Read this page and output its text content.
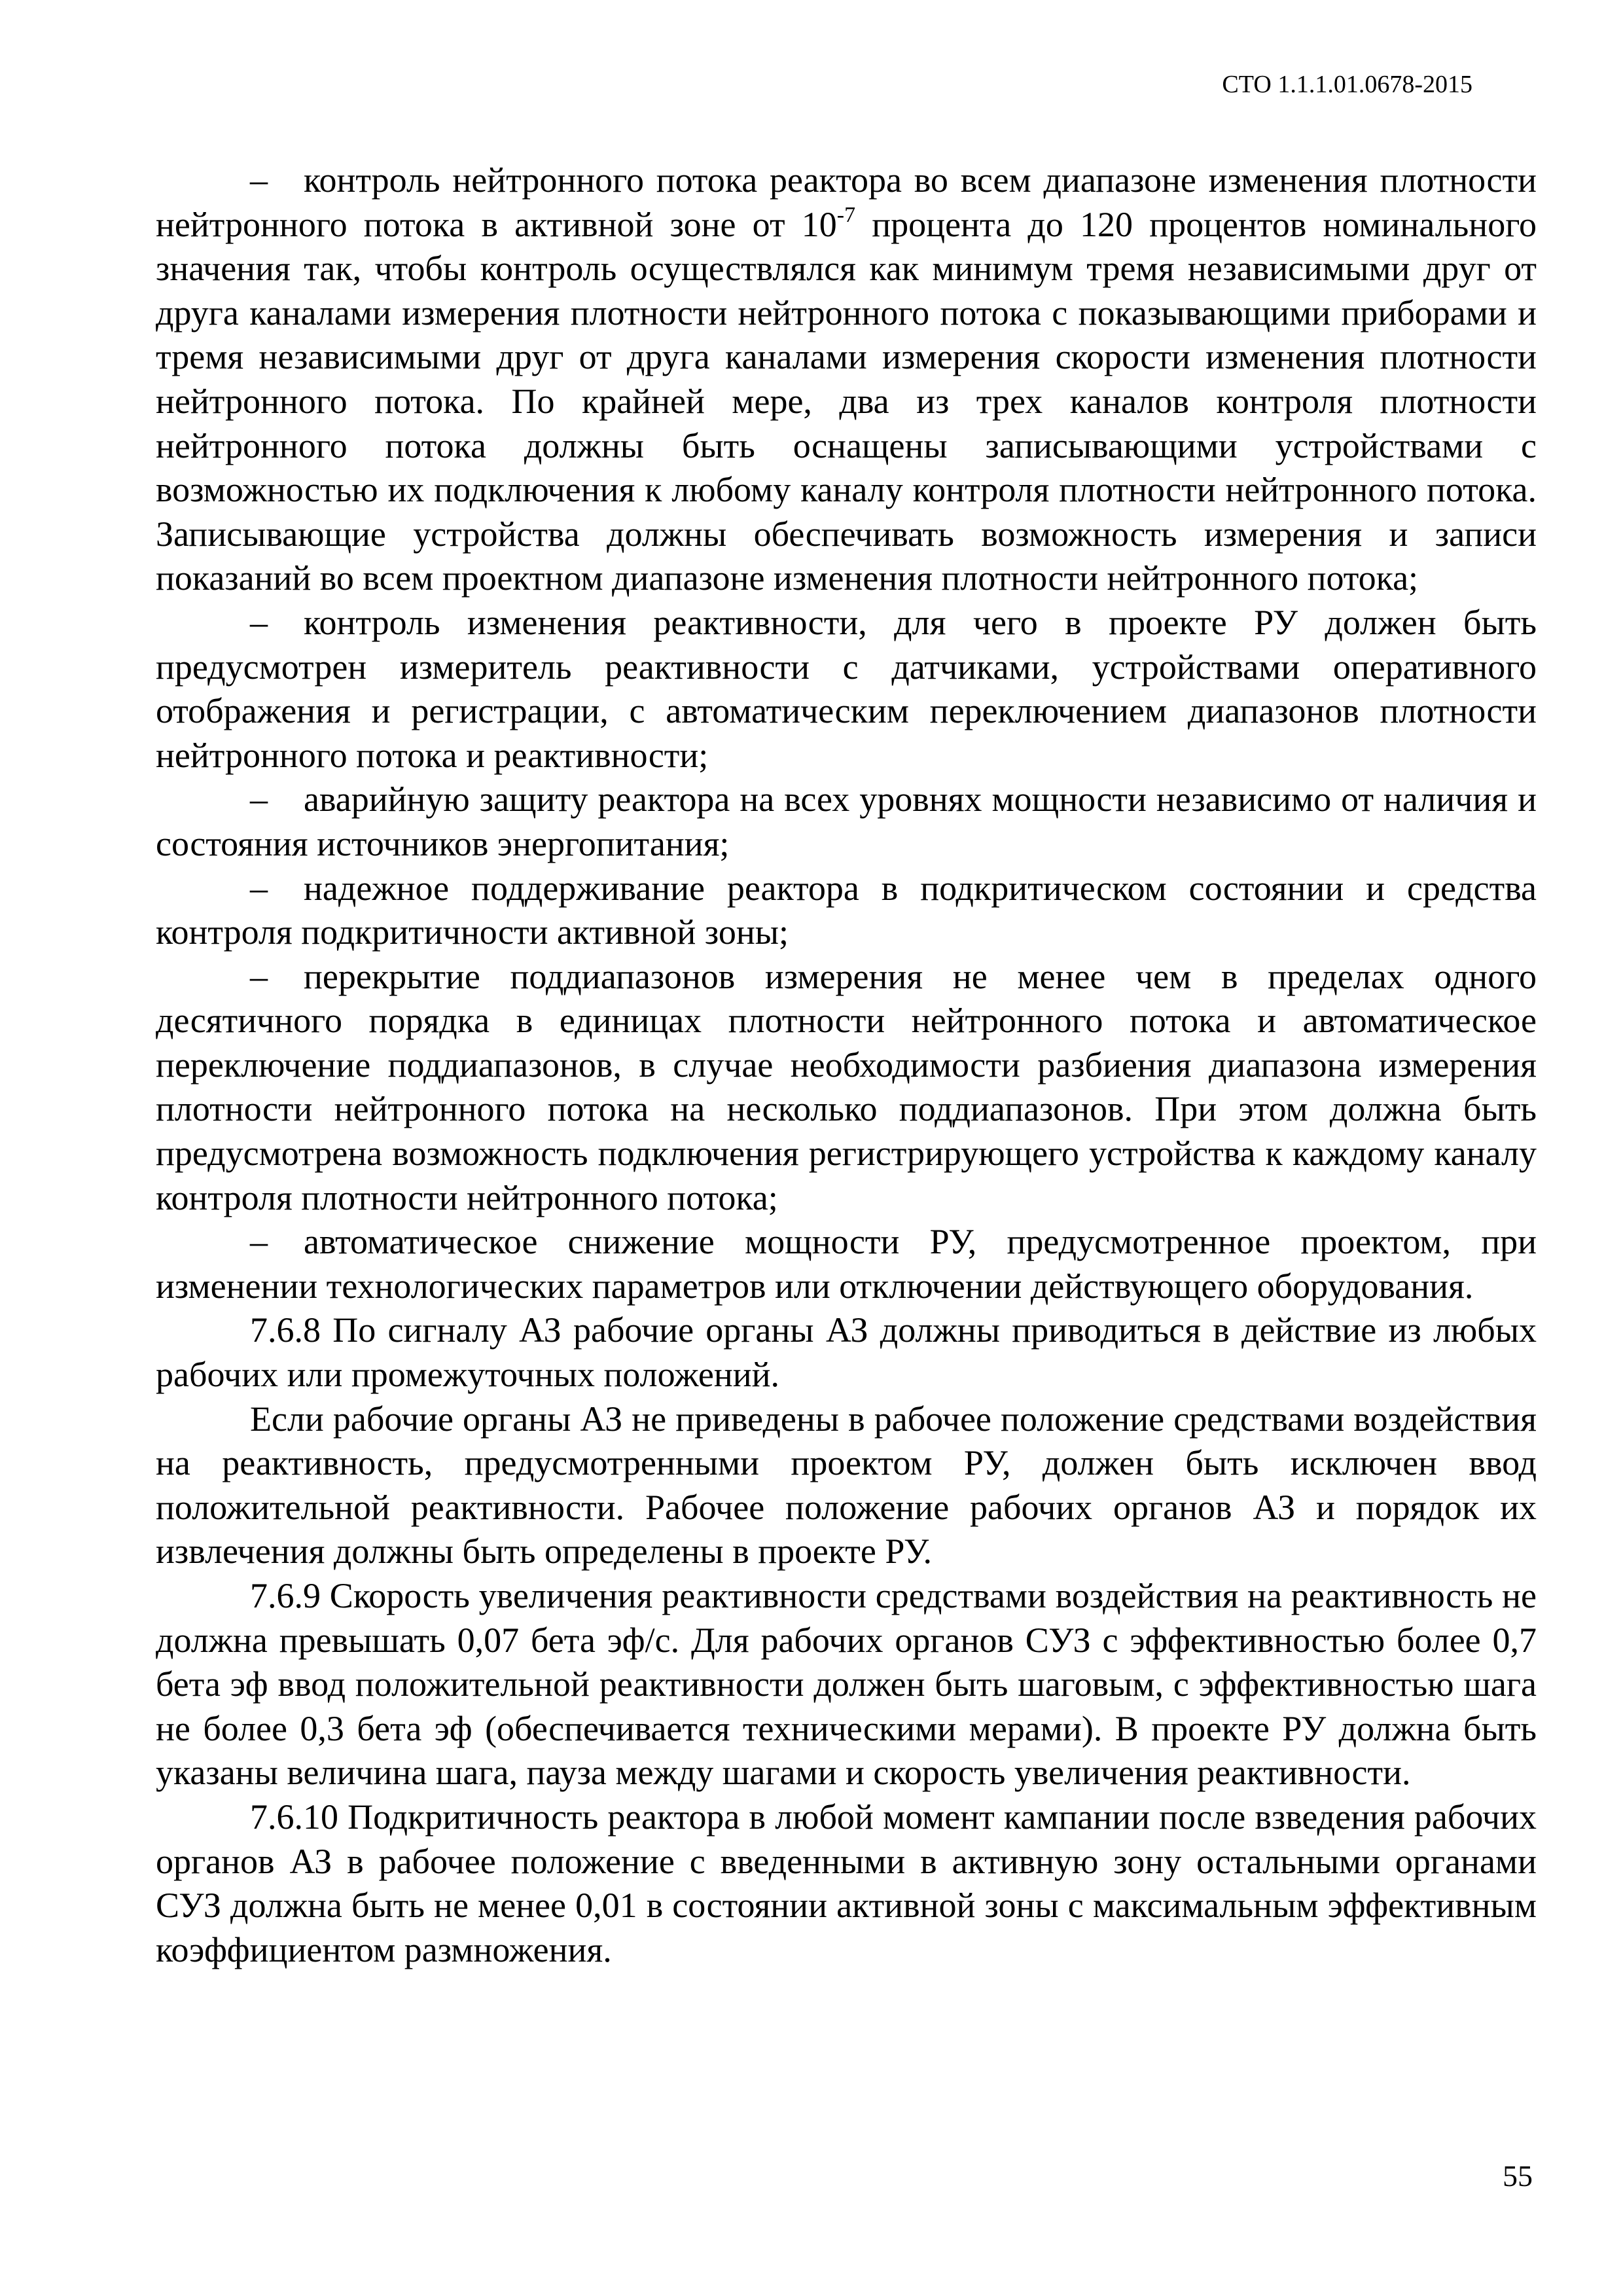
СТО 1.1.1.01.0678-2015

– контроль нейтронного потока реактора во всем диапазоне изменения плотности нейтронного потока в активной зоне от $10^{-7}$ процента до 120 процентов номинального значения так, чтобы контроль осуществлялся как минимум тремя независимыми друг от друга каналами измерения плотности нейтронного потока с показывающими приборами и тремя независимыми друг от друга каналами измерения скорости изменения плотности нейтронного потока. По крайней мере, два из трех каналов контроля плотности нейтронного потока должны быть оснащены записывающими устройствами с возможностью их подключения к любому каналу контроля плотности нейтронного потока. Записывающие устройства должны обеспечивать возможность измерения и записи показаний во всем проектном диапазоне изменения плотности нейтронного потока;

– контроль изменения реактивности, для чего в проекте РУ должен быть предусмотрен измеритель реактивности с датчиками, устройствами оперативного отображения и регистрации, с автоматическим переключением диапазонов плотности нейтронного потока и реактивности;

– аварийную защиту реактора на всех уровнях мощности независимо от наличия и состояния источников энергопитания;

– надежное поддерживание реактора в подкритическом состоянии и средства контроля подкритичности активной зоны;

– перекрытие поддиапазонов измерения не менее чем в пределах одного десятичного порядка в единицах плотности нейтронного потока и автоматическое переключение поддиапазонов, в случае необходимости разбиения диапазона измерения плотности нейтронного потока на несколько поддиапазонов. При этом должна быть предусмотрена возможность подключения регистрирующего устройства к каждому каналу контроля плотности нейтронного потока;

– автоматическое снижение мощности РУ, предусмотренное проектом, при изменении технологических параметров или отключении действующего оборудования.

7.6.8 По сигналу АЗ рабочие органы АЗ должны приводиться в действие из любых рабочих или промежуточных положений.

Если рабочие органы АЗ не приведены в рабочее положение средствами воздействия на реактивность, предусмотренными проектом РУ, должен быть исключен ввод положительной реактивности. Рабочее положение рабочих органов АЗ и порядок их извлечения должны быть определены в проекте РУ.

7.6.9 Скорость увеличения реактивности средствами воздействия на реактивность не должна превышать 0,07 бета эф/с. Для рабочих органов СУЗ с эффективностью более 0,7 бета эф ввод положительной реактивности должен быть шаговым, с эффективностью шага не более 0,3 бета эф (обеспечивается техническими мерами). В проекте РУ должна быть указаны величина шага, пауза между шагами и скорость увеличения реактивности.

7.6.10 Подкритичность реактора в любой момент кампании после взведения рабочих органов АЗ в рабочее положение с введенными в активную зону остальными органами СУЗ должна быть не менее 0,01 в состоянии активной зоны с максимальным эффективным коэффициентом размножения.

55
